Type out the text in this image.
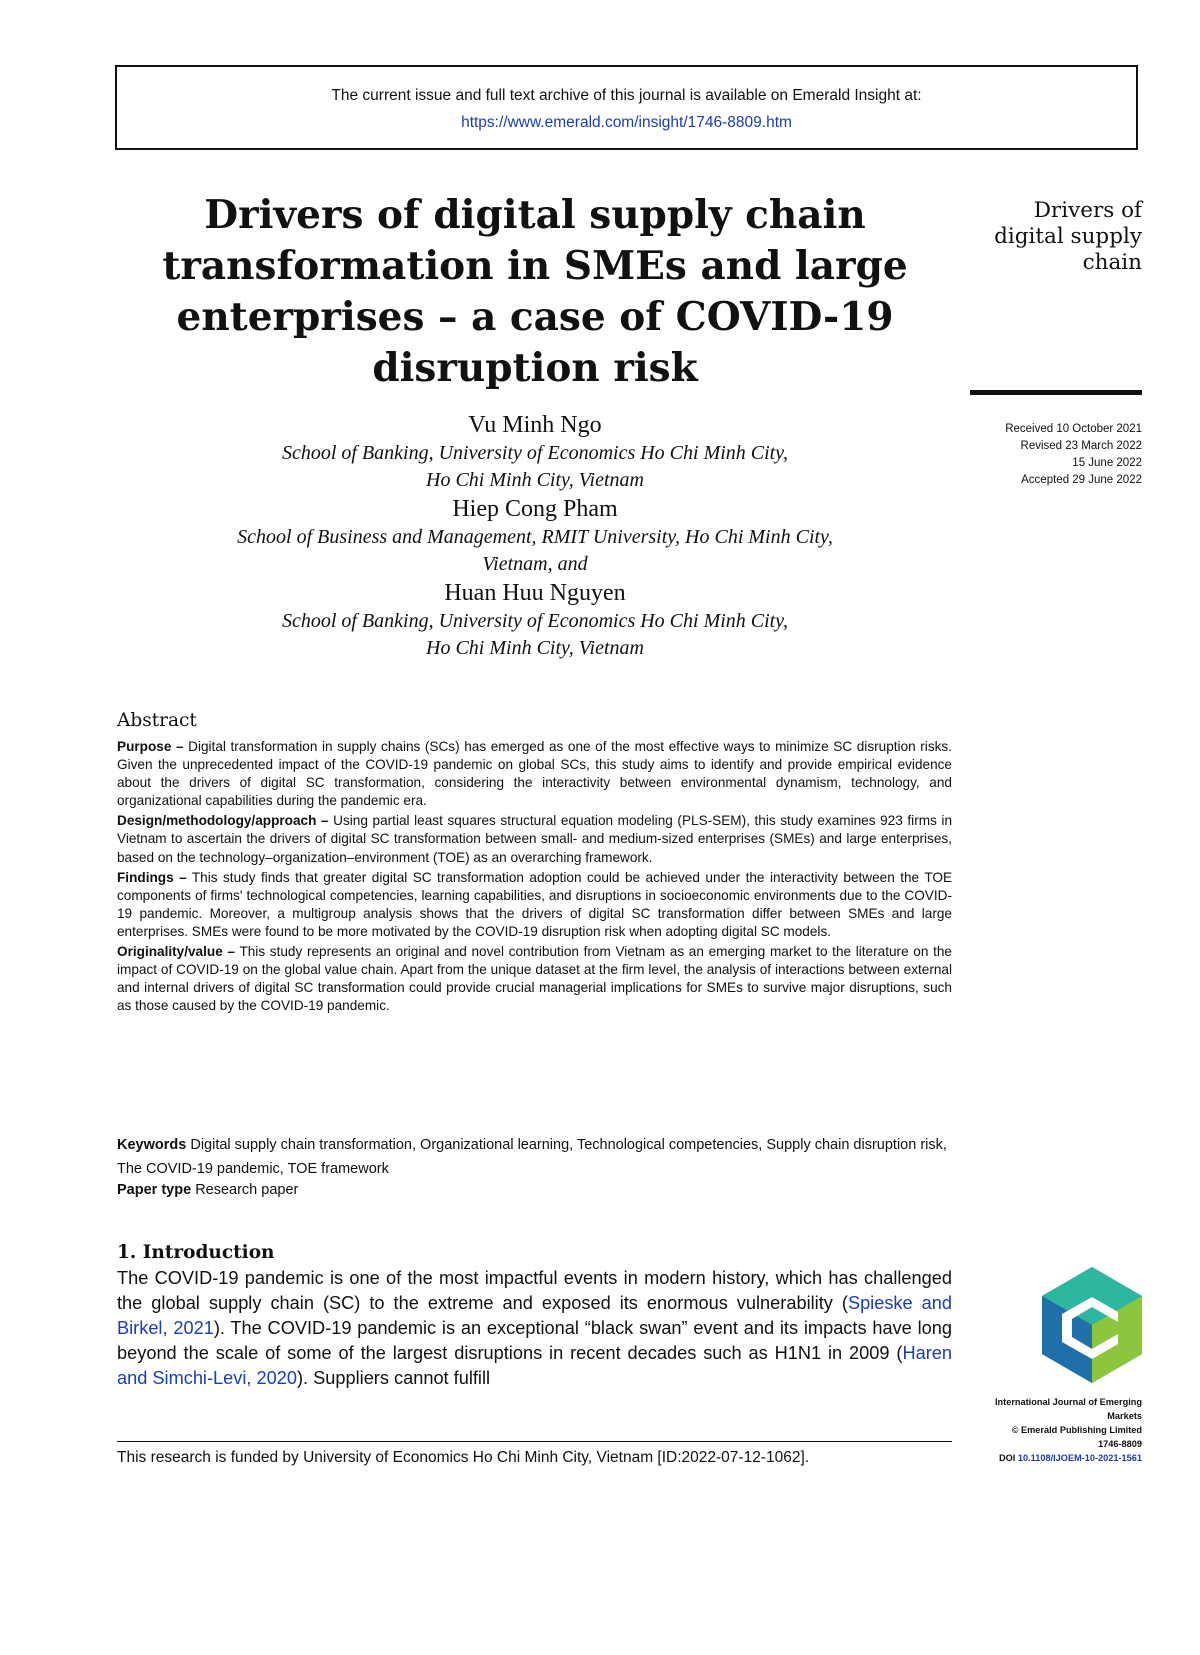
The current issue and full text archive of this journal is available on Emerald Insight at:
https://www.emerald.com/insight/1746-8809.htm
Drivers of digital supply chain
transformation in SMEs and large
enterprises – a case of COVID-19
disruption risk
Drivers of
digital supply
chain
Received 10 October 2021
Revised 23 March 2022
15 June 2022
Accepted 29 June 2022
Vu Minh Ngo
School of Banking, University of Economics Ho Chi Minh City,
Ho Chi Minh City, Vietnam
Hiep Cong Pham
School of Business and Management, RMIT University, Ho Chi Minh City,
Vietnam, and
Huan Huu Nguyen
School of Banking, University of Economics Ho Chi Minh City,
Ho Chi Minh City, Vietnam
Abstract

Purpose – Digital transformation in supply chains (SCs) has emerged as one of the most effective ways to minimize SC disruption risks. Given the unprecedented impact of the COVID-19 pandemic on global SCs, this study aims to identify and provide empirical evidence about the drivers of digital SC transformation, considering the interactivity between environmental dynamism, technology, and organizational capabilities during the pandemic era.

Design/methodology/approach – Using partial least squares structural equation modeling (PLS-SEM), this study examines 923 firms in Vietnam to ascertain the drivers of digital SC transformation between small- and medium-sized enterprises (SMEs) and large enterprises, based on the technology–organization–environment (TOE) as an overarching framework.

Findings – This study finds that greater digital SC transformation adoption could be achieved under the interactivity between the TOE components of firms' technological competencies, learning capabilities, and disruptions in socioeconomic environments due to the COVID-19 pandemic. Moreover, a multigroup analysis shows that the drivers of digital SC transformation differ between SMEs and large enterprises. SMEs were found to be more motivated by the COVID-19 disruption risk when adopting digital SC models.

Originality/value – This study represents an original and novel contribution from Vietnam as an emerging market to the literature on the impact of COVID-19 on the global value chain. Apart from the unique dataset at the firm level, the analysis of interactions between external and internal drivers of digital SC transformation could provide crucial managerial implications for SMEs to survive major disruptions, such as those caused by the COVID-19 pandemic.

Keywords Digital supply chain transformation, Organizational learning, Technological competencies, Supply chain disruption risk, The COVID-19 pandemic, TOE framework
Paper type Research paper
1. Introduction

The COVID-19 pandemic is one of the most impactful events in modern history, which has challenged the global supply chain (SC) to the extreme and exposed its enormous vulnerability (Spieske and Birkel, 2021). The COVID-19 pandemic is an exceptional “black swan” event and its impacts have long beyond the scale of some of the largest disruptions in recent decades such as H1N1 in 2009 (Haren and Simchi-Levi, 2020). Suppliers cannot fulfill

International Journal of Emerging
Markets
© Emerald Publishing Limited
1746-8809
DOI 10.1108/IJOEM-10-2021-1561
This research is funded by University of Economics Ho Chi Minh City, Vietnam [ID:2022-07-12-1062].
